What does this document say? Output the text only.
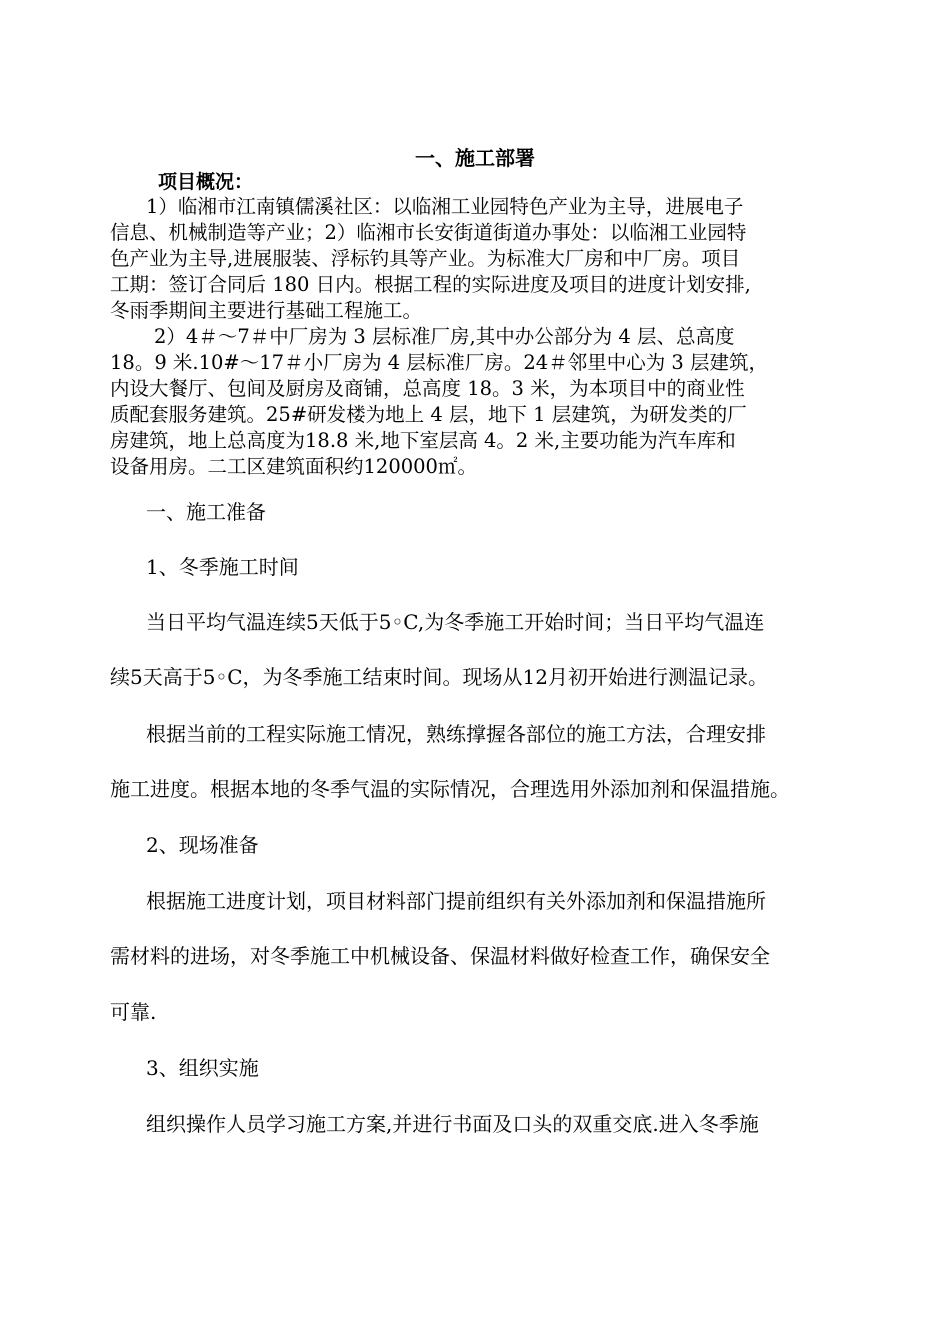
一、施工部署
项目概况：
1）临湘市江南镇儒溪社区：以临湘工业园特色产业为主导，进展电子
信息、机械制造等产业；2）临湘市长安街道街道办事处：以临湘工业园特
色产业为主导,进展服装、浮标钓具等产业。为标准大厂房和中厂房。项目
工期：签订合同后 180 日内。根据工程的实际进度及项目的进度计划安排,
冬雨季期间主要进行基础工程施工。
2）4＃～7＃中厂房为 3 层标准厂房,其中办公部分为 4 层、总高度
18。9 米.10#～17＃小厂房为 4 层标准厂房。24＃邻里中心为 3 层建筑，
内设大餐厅、包间及厨房及商铺，总高度 18。3 米，为本项目中的商业性
质配套服务建筑。25#研发楼为地上 4 层，地下 1 层建筑，为研发类的厂
房建筑，地上总高度为18.8 米,地下室层高 4。2 米,主要功能为汽车库和
设备用房。二工区建筑面积约120000㎡。
一、施工准备
1、冬季施工时间
当日平均气温连续5天低于5◦C,为冬季施工开始时间；当日平均气温连
续5天高于5◦C，为冬季施工结束时间。现场从12月初开始进行测温记录。
根据当前的工程实际施工情况，熟练撑握各部位的施工方法，合理安排
施工进度。根据本地的冬季气温的实际情况，合理选用外添加剂和保温措施。
2、现场准备
根据施工进度计划，项目材料部门提前组织有关外添加剂和保温措施所
需材料的进场，对冬季施工中机械设备、保温材料做好检查工作，确保安全
可靠.
3、组织实施
组织操作人员学习施工方案,并进行书面及口头的双重交底.进入冬季施
